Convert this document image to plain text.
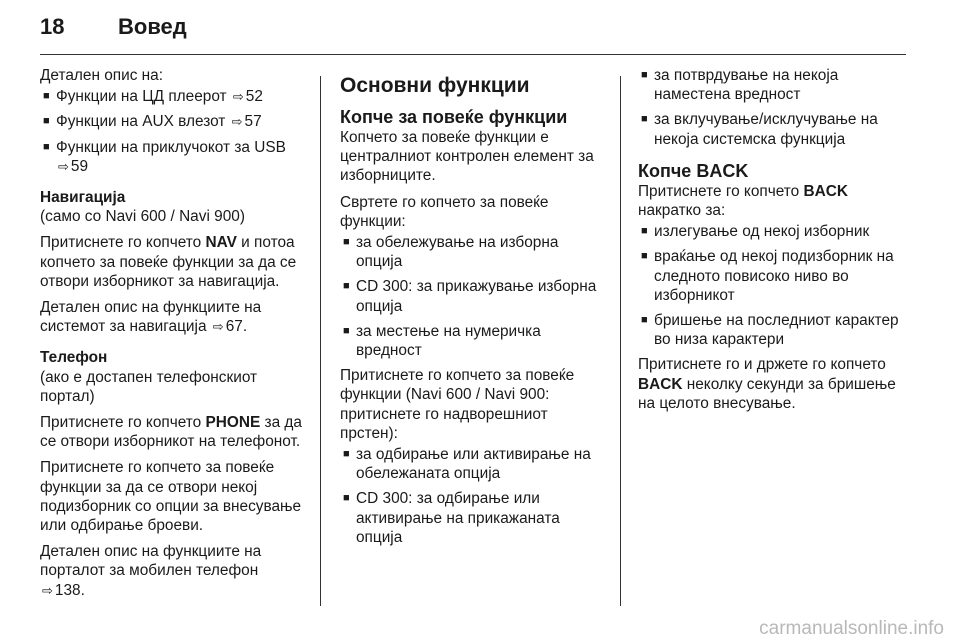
18 Вовед

Детален опис на:

■ Функции на ЦД плеерот ⇨ 52
■ Функции на AUX влезот ⇨ 57
■ Функции на приклучокот за USB
⇨ 59

Навигација

(само со Navi 600 / Navi 900)

Притиснете го копчето NAV и потоа копчето за повеќе функции за да се отвори изборникот за навигација.

Детален опис на функциите на системот за навигација ⇨ 67.

Телефон

(ако е достапен телефонскиот портал)

Притиснете го копчето PHONE за да се отвори изборникот на телефонот.

Притиснете го копчето за повеќе функции за да се отвори некој подизборник со опции за внесување или одбирање броеви.

Детален опис на функциите на порталот за мобилен телефон
⇨ 138.

Основни функции
Копче за повеќе функции

Копчето за повеќе функции е централниот контролен елемент за изборниците.

Свртете го копчето за повеќе функции:

■ за обележување на изборна опција
■ CD 300: за прикажување изборна опција
■ за местење на нумеричка вредност

Притиснете го копчето за повеќе функции (Navi 600 / Navi 900: притиснете го надворешниот прстен):

■ за одбирање или активирање на обележаната опција
■ CD 300: за одбирање или активирање на прикажаната опција
■ за потврдување на некоја наместена вредност
■ за вклучување/исклучување на некоја системска функција
Копче BACK

Притиснете го копчето BACK
накратко за:

■ излегување од некој изборник
■ враќање од некој подизборник на следното повисоко ниво во изборникот
■ бришење на последниот карактер во низа карактери

Притиснете го и држете го копчето BACK неколку секунди за бришење на целото внесување.

carmanualsonline.info
